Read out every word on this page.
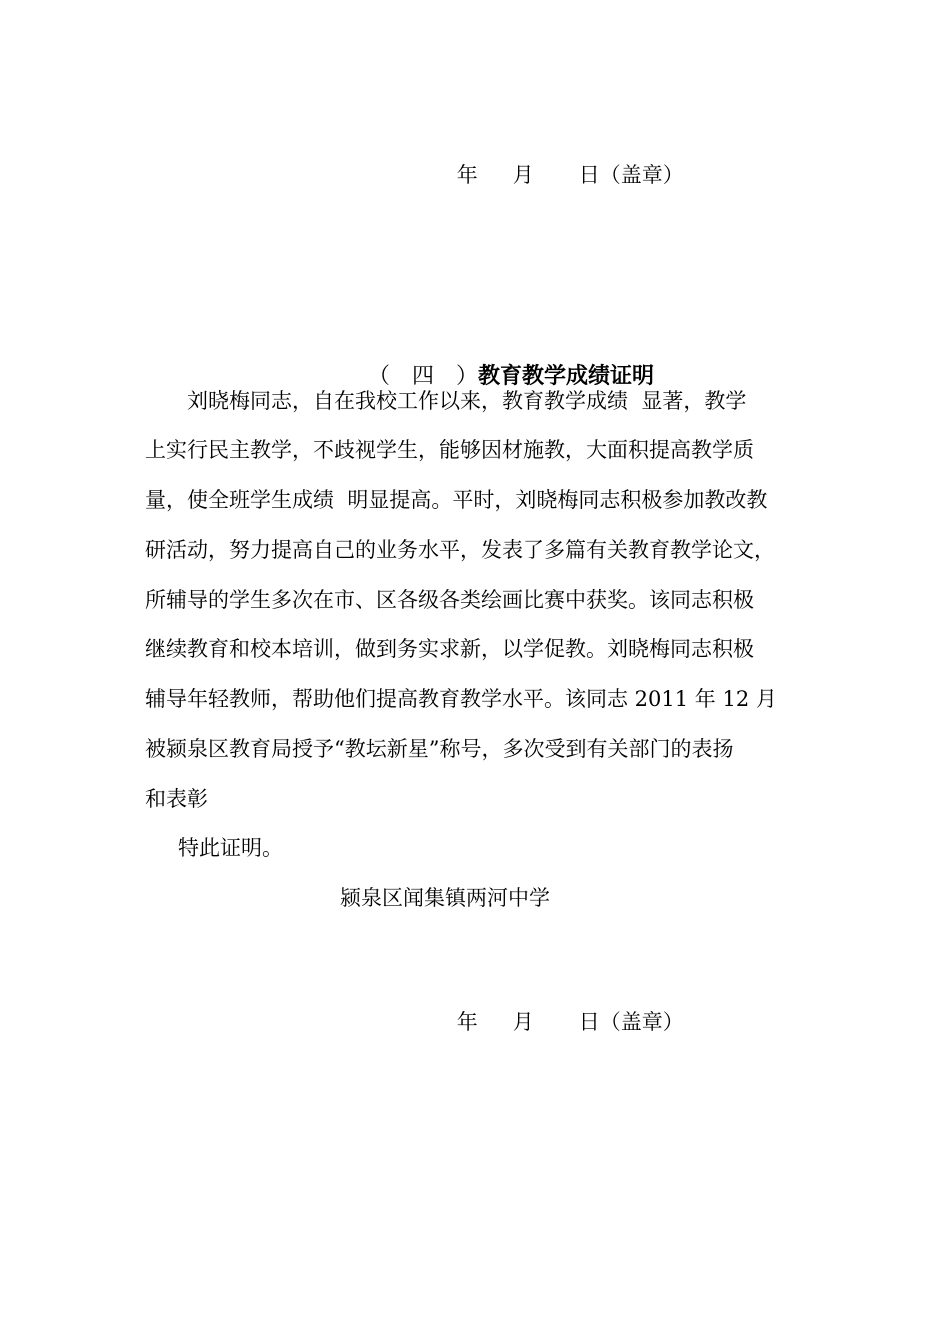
年 月 日（盖章）

（　四　）教育教学成绩证明

　　刘晓梅同志，自在我校工作以来，教育教学成绩  显著，教学
上实行民主教学，不歧视学生，能够因材施教，大面积提高教学质
量，使全班学生成绩  明显提高。平时，刘晓梅同志积极参加教改教
研活动，努力提高自己的业务水平，发表了多篇有关教育教学论文，
所辅导的学生多次在市、区各级各类绘画比赛中获奖。该同志积极
继续教育和校本培训，做到务实求新，以学促教。刘晓梅同志积极
辅导年轻教师，帮助他们提高教育教学水平。该同志 2011 年 12 月
被颍泉区教育局授予“教坛新星”称号，多次受到有关部门的表扬
和表彰
特此证明。
颍泉区闻集镇两河中学

年 月 日（盖章）
